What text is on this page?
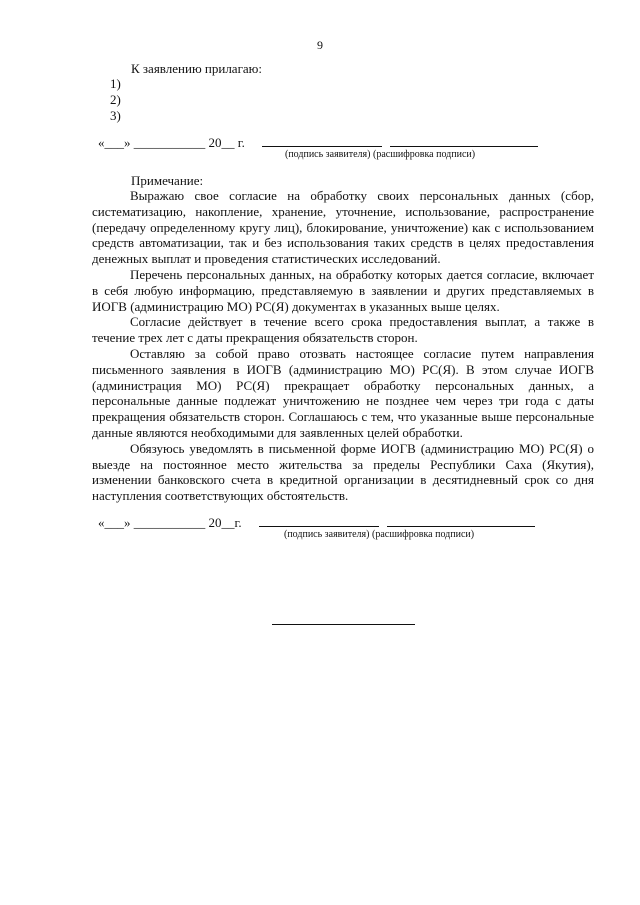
9
К заявлению прилагаю:
1)
2)
3)
«___» ___________ 20__ г.
(подпись заявителя) (расшифровка подписи)
Примечание:

Выражаю свое согласие на обработку своих персональных данных (сбор, систематизацию, накопление, хранение, уточнение, использование, распространение (передачу определенному кругу лиц), блокирование, уничтожение) как с использованием средств автоматизации, так и без использования таких средств в целях предоставления денежных выплат и проведения статистических исследований.

Перечень персональных данных, на обработку которых дается согласие, включает в себя любую информацию, представляемую в заявлении и других представляемых в ИОГВ (администрацию МО) РС(Я) документах в указанных выше целях.

Согласие действует в течение всего срока предоставления выплат, а также в течение трех лет с даты прекращения обязательств сторон.

Оставляю за собой право отозвать настоящее согласие путем направления письменного заявления в ИОГВ (администрацию МО) РС(Я). В этом случае ИОГВ (администрация МО) РС(Я) прекращает обработку персональных данных, а персональные данные подлежат уничтожению не позднее чем через три года с даты прекращения обязательств сторон. Соглашаюсь с тем, что указанные выше персональные данные являются необходимыми для заявленных целей обработки.

Обязуюсь уведомлять в письменной форме ИОГВ (администрацию МО) РС(Я) о выезде на постоянное место жительства за пределы Республики Саха (Якутия), изменении банковского счета в кредитной организации в десятидневный срок со дня наступления соответствующих обстоятельств.

«___» ___________ 20__г.
(подпись заявителя) (расшифровка подписи)
